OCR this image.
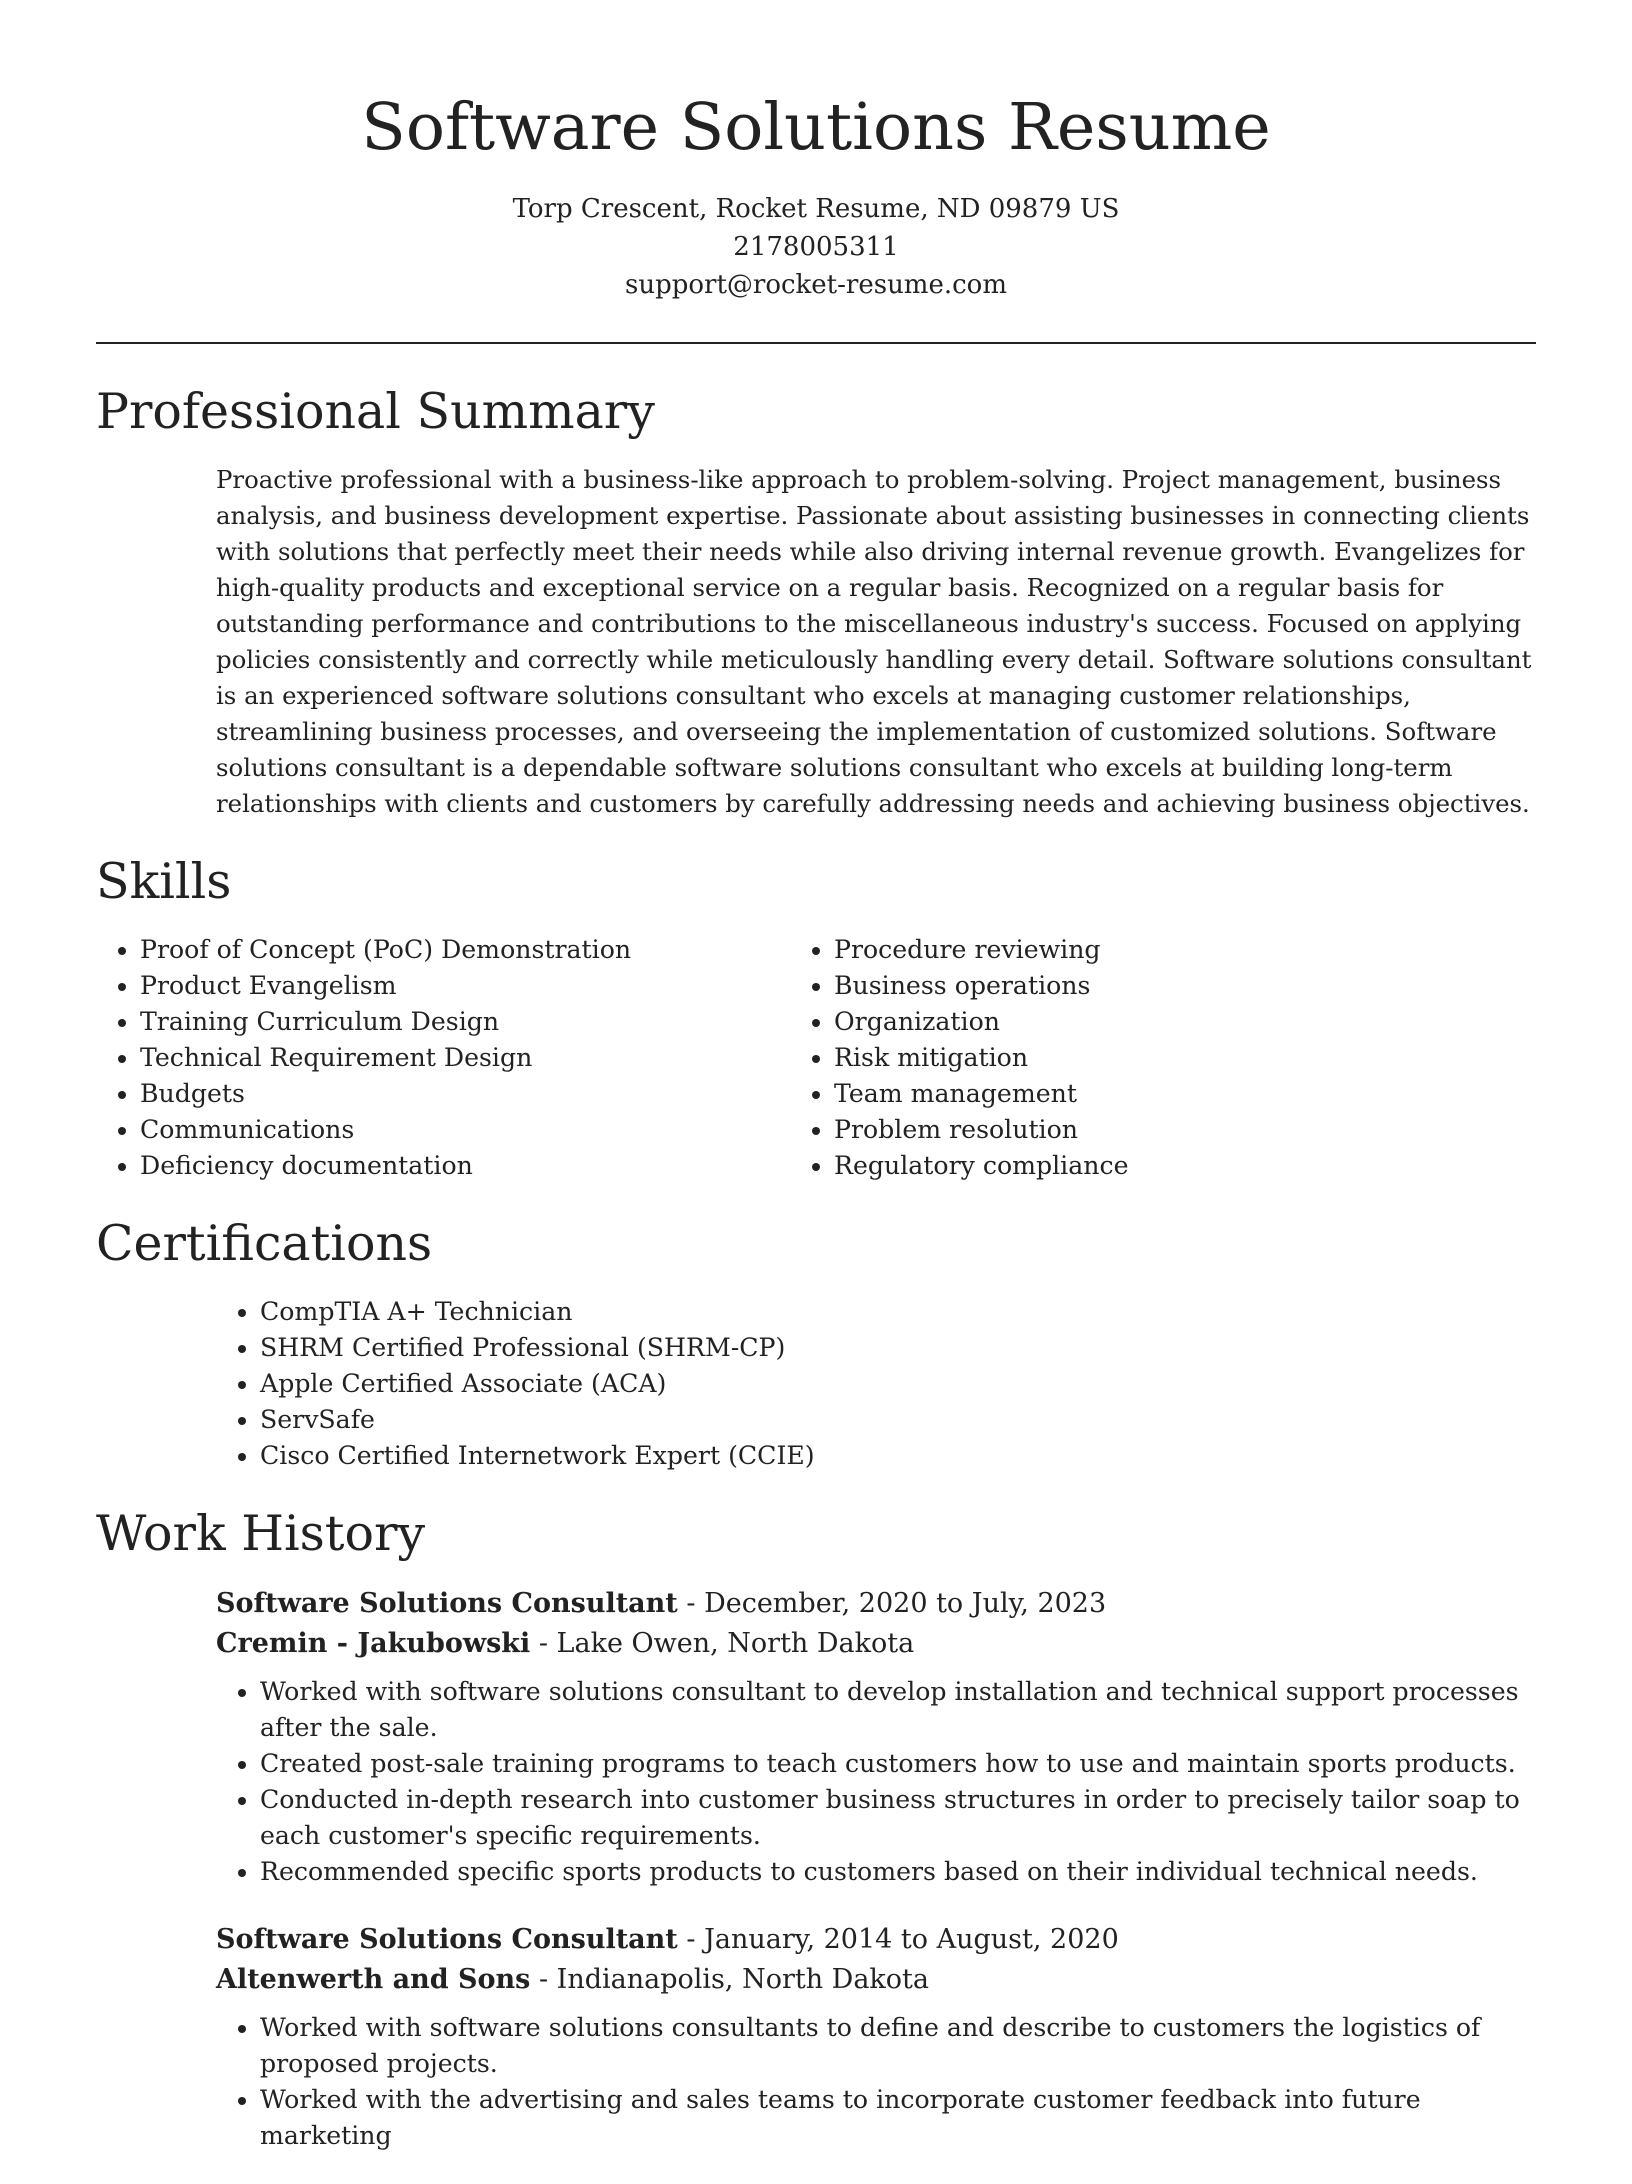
Software Solutions Resume

Torp Crescent, Rocket Resume, ND 09879 US

2178005311

support@rocket-resume.com

Professional Summary

Proactive professional with a business-like approach to problem-solving. Project management, business analysis, and business development expertise. Passionate about assisting businesses in connecting clients with solutions that perfectly meet their needs while also driving internal revenue growth. Evangelizes for high-quality products and exceptional service on a regular basis. Recognized on a regular basis for outstanding performance and contributions to the miscellaneous industry's success. Focused on applying policies consistently and correctly while meticulously handling every detail. Software solutions consultant is an experienced software solutions consultant who excels at managing customer relationships, streamlining business processes, and overseeing the implementation of customized solutions. Software solutions consultant is a dependable software solutions consultant who excels at building long-term relationships with clients and customers by carefully addressing needs and achieving business objectives.

Skills
• Proof of Concept (PoC) Demonstration
• Product Evangelism
• Training Curriculum Design
• Technical Requirement Design
• Budgets
• Communications
• Deficiency documentation
• Procedure reviewing
• Business operations
• Organization
• Risk mitigation
• Team management
• Problem resolution
• Regulatory compliance
Certifications
• CompTIA A+ Technician
• SHRM Certified Professional (SHRM-CP)
• Apple Certified Associate (ACA)
• ServSafe
• Cisco Certified Internetwork Expert (CCIE)
Work History

Software Solutions Consultant - December, 2020 to July, 2023

Cremin - Jakubowski - Lake Owen, North Dakota

• Worked with software solutions consultant to develop installation and technical support processes after the sale.
• Created post-sale training programs to teach customers how to use and maintain sports products.
• Conducted in-depth research into customer business structures in order to precisely tailor soap to each customer's specific requirements.
• Recommended specific sports products to customers based on their individual technical needs.

Software Solutions Consultant - January, 2014 to August, 2020

Altenwerth and Sons - Indianapolis, North Dakota

• Worked with software solutions consultants to define and describe to customers the logistics of proposed projects.
• Worked with the advertising and sales teams to incorporate customer feedback into future marketing
